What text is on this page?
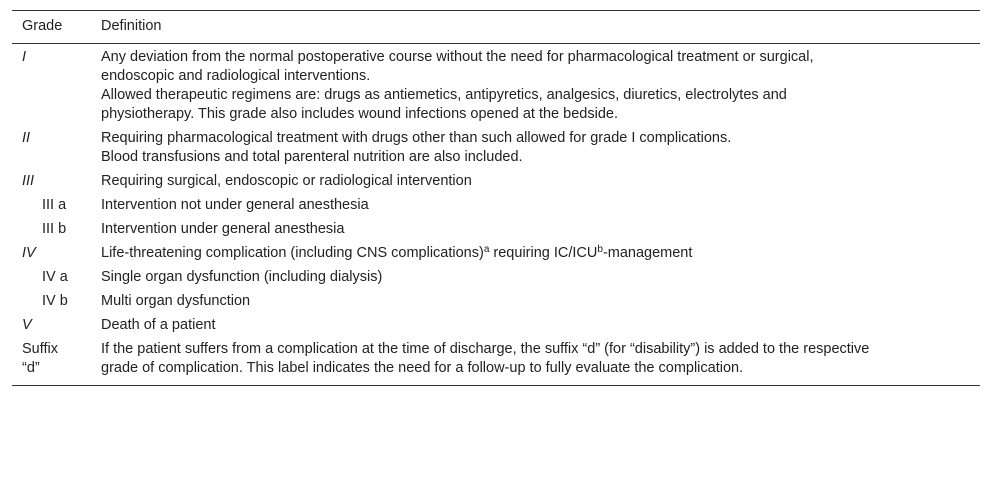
Grade	Definition
I	Any deviation from the normal postoperative course without the need for pharmacological treatment or surgical,
endoscopic and radiological interventions.
Allowed therapeutic regimens are: drugs as antiemetics, antipyretics, analgesics, diuretics, electrolytes and
physiotherapy. This grade also includes wound infections opened at the bedside.

II	Requiring pharmacological treatment with drugs other than such allowed for grade I complications.
Blood transfusions and total parenteral nutrition are also included.

III	Requiring surgical, endoscopic or radiological intervention

III a	Intervention not under general anesthesia

III b	Intervention under general anesthesia
IV	Life-threatening complication (including CNS complications)$^a$ requiring IC/ICU$^b$-management

IV a	Single organ dysfunction (including dialysis)

IV b	Multi organ dysfunction
V	Death of a patient

Suffix “d”	If the patient suffers from a complication at the time of discharge, the suffix “d” (for “disability”) is added to the respective
grade of complication. This label indicates the need for a follow-up to fully evaluate the complication.
